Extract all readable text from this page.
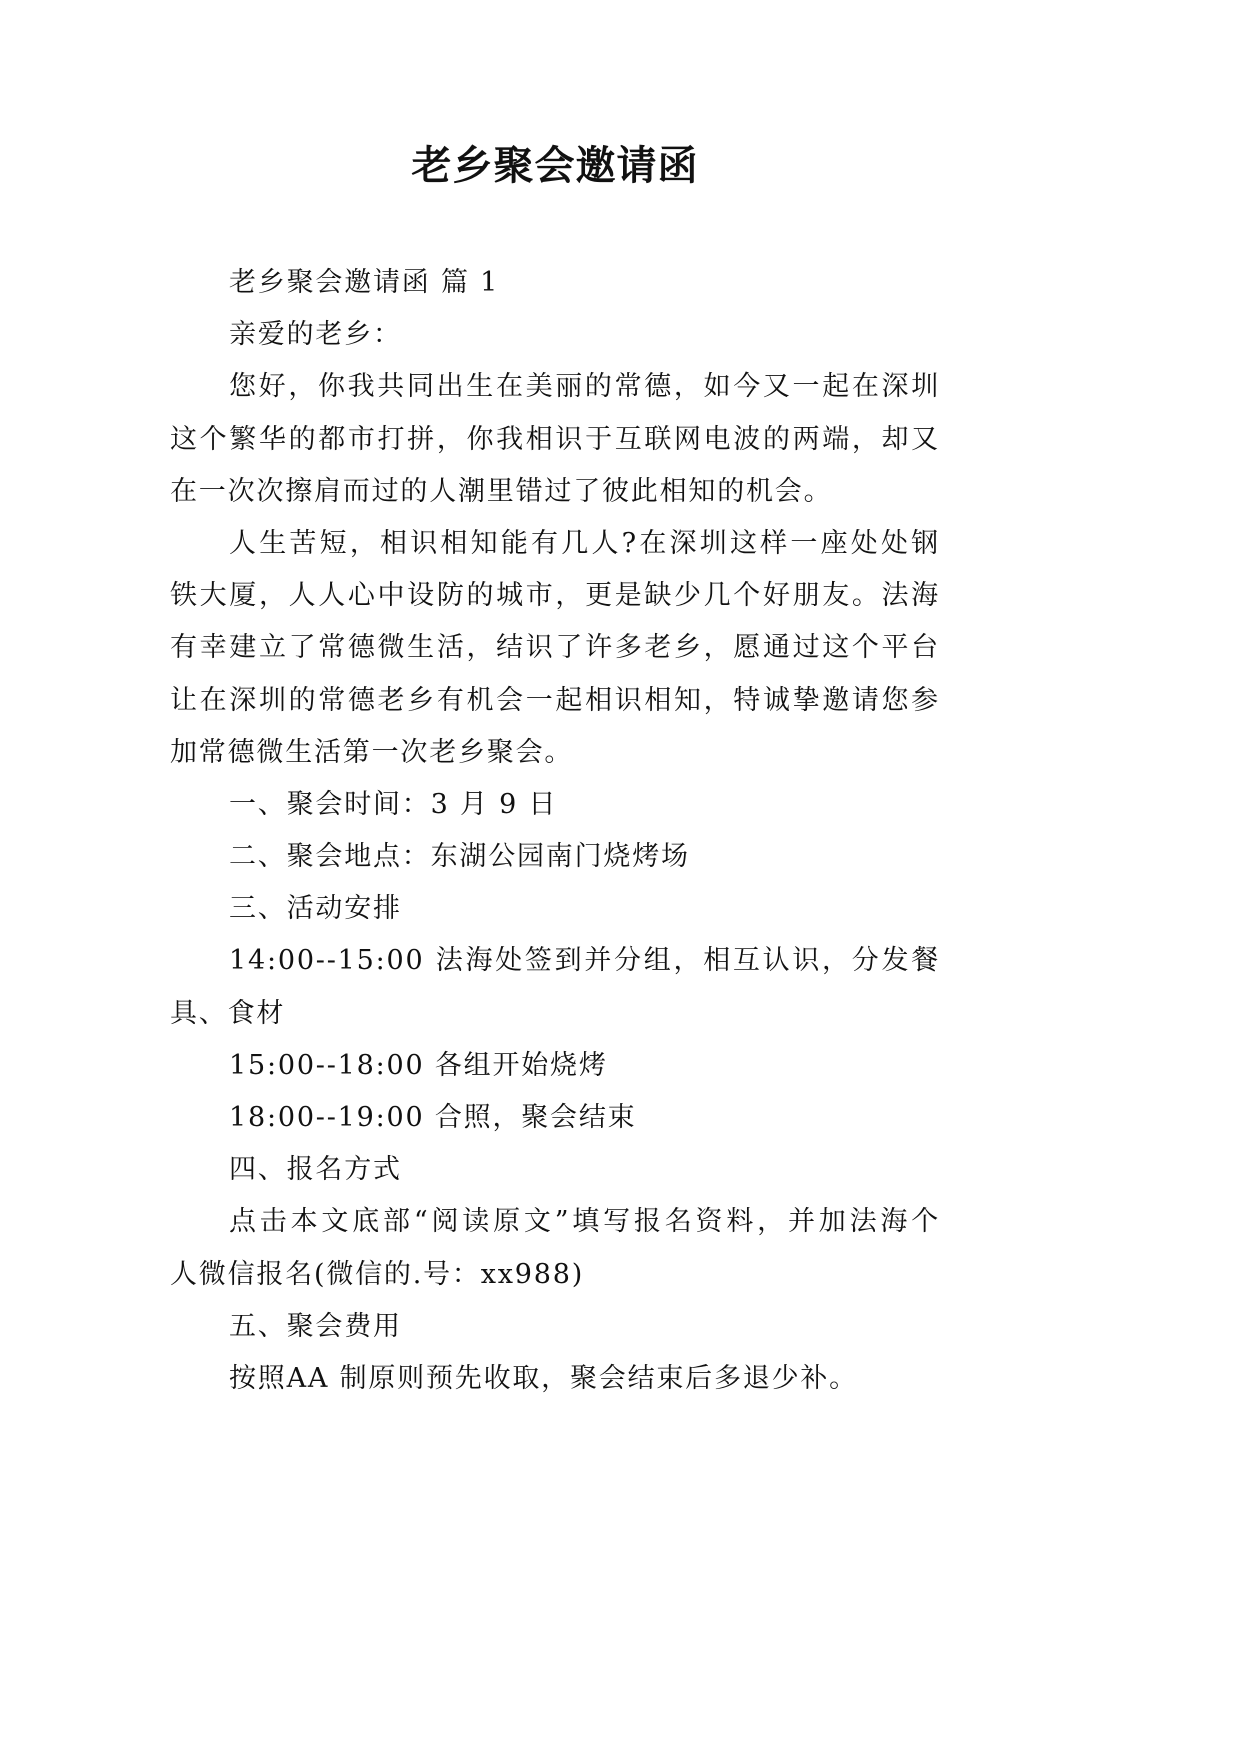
老乡聚会邀请函
老乡聚会邀请函 篇 1
亲爱的老乡：
您好，你我共同出生在美丽的常德，如今又一起在深圳
这个繁华的都市打拼，你我相识于互联网电波的两端，却又
在一次次擦肩而过的人潮里错过了彼此相知的机会。
人生苦短，相识相知能有几人?在深圳这样一座处处钢
铁大厦，人人心中设防的城市，更是缺少几个好朋友。法海
有幸建立了常德微生活，结识了许多老乡，愿通过这个平台
让在深圳的常德老乡有机会一起相识相知，特诚挚邀请您参
加常德微生活第一次老乡聚会。
一、聚会时间：3 月 9 日
二、聚会地点：东湖公园南门烧烤场
三、活动安排
14:00--15:00 法海处签到并分组，相互认识，分发餐
具、食材
15:00--18:00 各组开始烧烤
18:00--19:00 合照，聚会结束
四、报名方式
点击本文底部“阅读原文”填写报名资料，并加法海个
人微信报名(微信的.号：xx988)
五、聚会费用
按照AA 制原则预先收取，聚会结束后多退少补。
